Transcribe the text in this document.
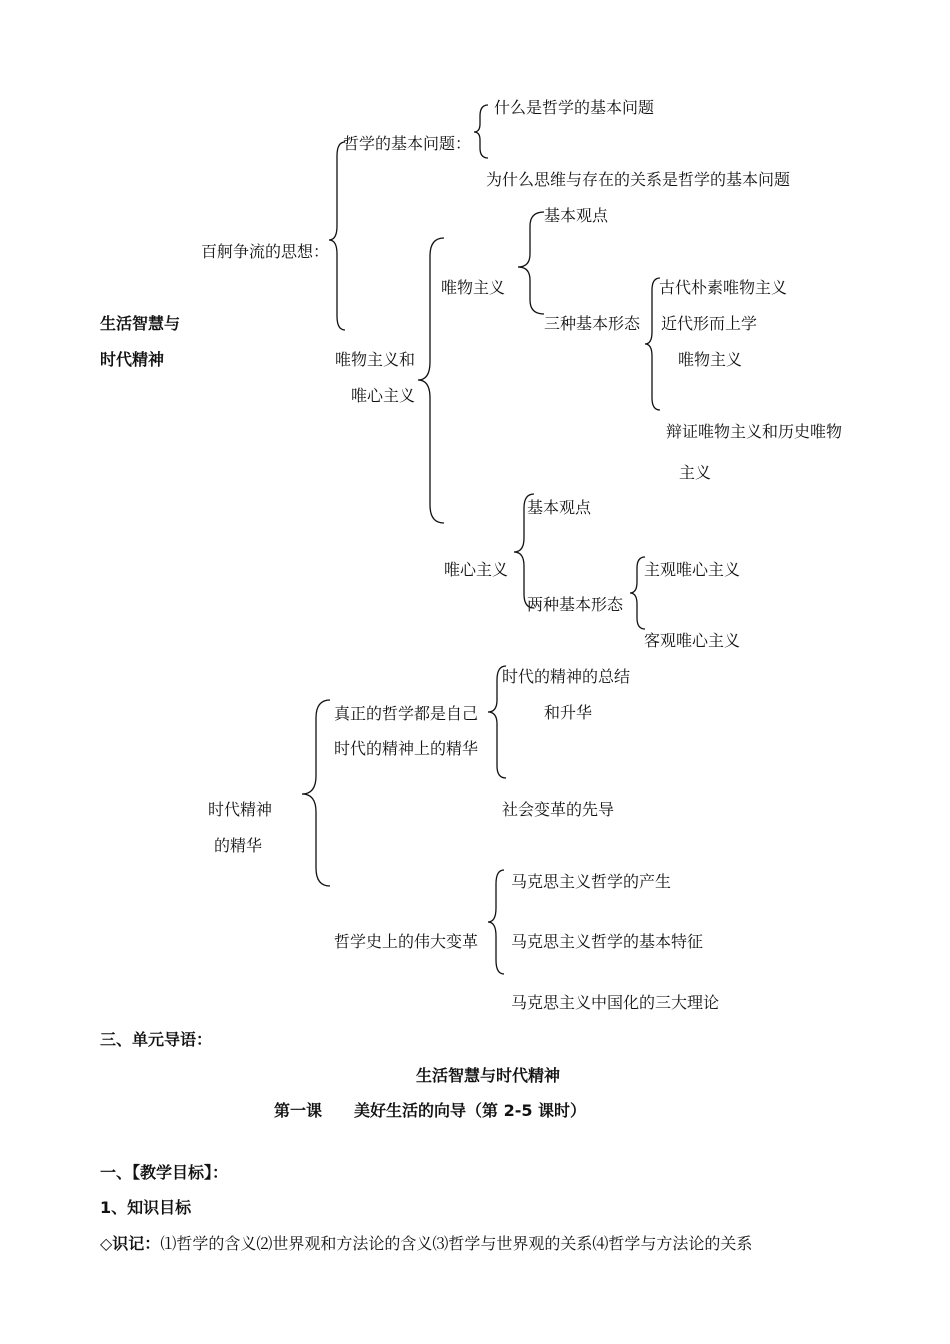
生活智慧与
时代精神
百舸争流的思想：
哲学的基本问题：
什么是哲学的基本问题
为什么思维与存在的关系是哲学的基本问题
唯物主义和
唯心主义
唯物主义
基本观点
三种基本形态
古代朴素唯物主义
近代形而上学
唯物主义
辩证唯物主义和历史唯物
主义
唯心主义
基本观点
两种基本形态
主观唯心主义
客观唯心主义
时代精神
的精华
真正的哲学都是自己
时代的精神上的精华
时代的精神的总结
和升华
社会变革的先导
哲学史上的伟大变革
马克思主义哲学的产生
马克思主义哲学的基本特征
马克思主义中国化的三大理论
三、单元导语：
生活智慧与时代精神
第一课　　美好生活的向导（第 2-5 课时）
一、【教学目标】：
1、知识目标
◇识记：⑴哲学的含义⑵世界观和方法论的含义⑶哲学与世界观的关系⑷哲学与方法论的关系
